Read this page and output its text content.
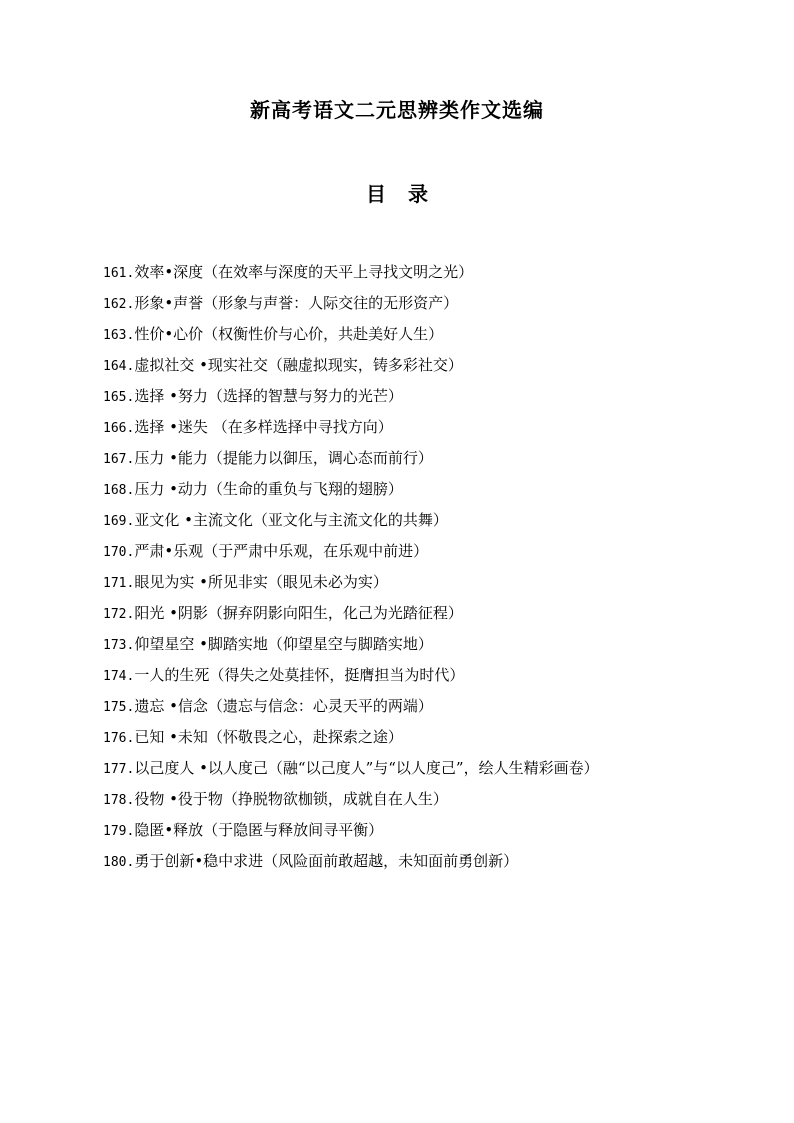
新高考语文二元思辨类作文选编
目 录
161.效率•深度（在效率与深度的天平上寻找文明之光）
162.形象•声誉（形象与声誉：人际交往的无形资产）
163.性价•心价（权衡性价与心价，共赴美好人生）
164.虚拟社交 •现实社交（融虚拟现实，铸多彩社交）
165.选择 •努力（选择的智慧与努力的光芒）
166.选择 •迷失 （在多样选择中寻找方向）
167.压力 •能力（提能力以御压，调心态而前行）
168.压力 •动力（生命的重负与飞翔的翅膀）
169.亚文化 •主流文化（亚文化与主流文化的共舞）
170.严肃•乐观（于严肃中乐观，在乐观中前进）
171.眼见为实 •所见非实（眼见未必为实）
172.阳光 •阴影（摒弃阴影向阳生，化己为光踏征程）
173.仰望星空 •脚踏实地（仰望星空与脚踏实地）
174.一人的生死（得失之处莫挂怀，挺膺担当为时代）
175.遗忘 •信念（遗忘与信念：心灵天平的两端）
176.已知 •未知（怀敬畏之心，赴探索之途）
177.以己度人 •以人度己（融“以己度人”与“以人度己”，绘人生精彩画卷）
178.役物 •役于物（挣脱物欲枷锁，成就自在人生）
179.隐匿•释放（于隐匿与释放间寻平衡）
180.勇于创新•稳中求进（风险面前敢超越，未知面前勇创新）
